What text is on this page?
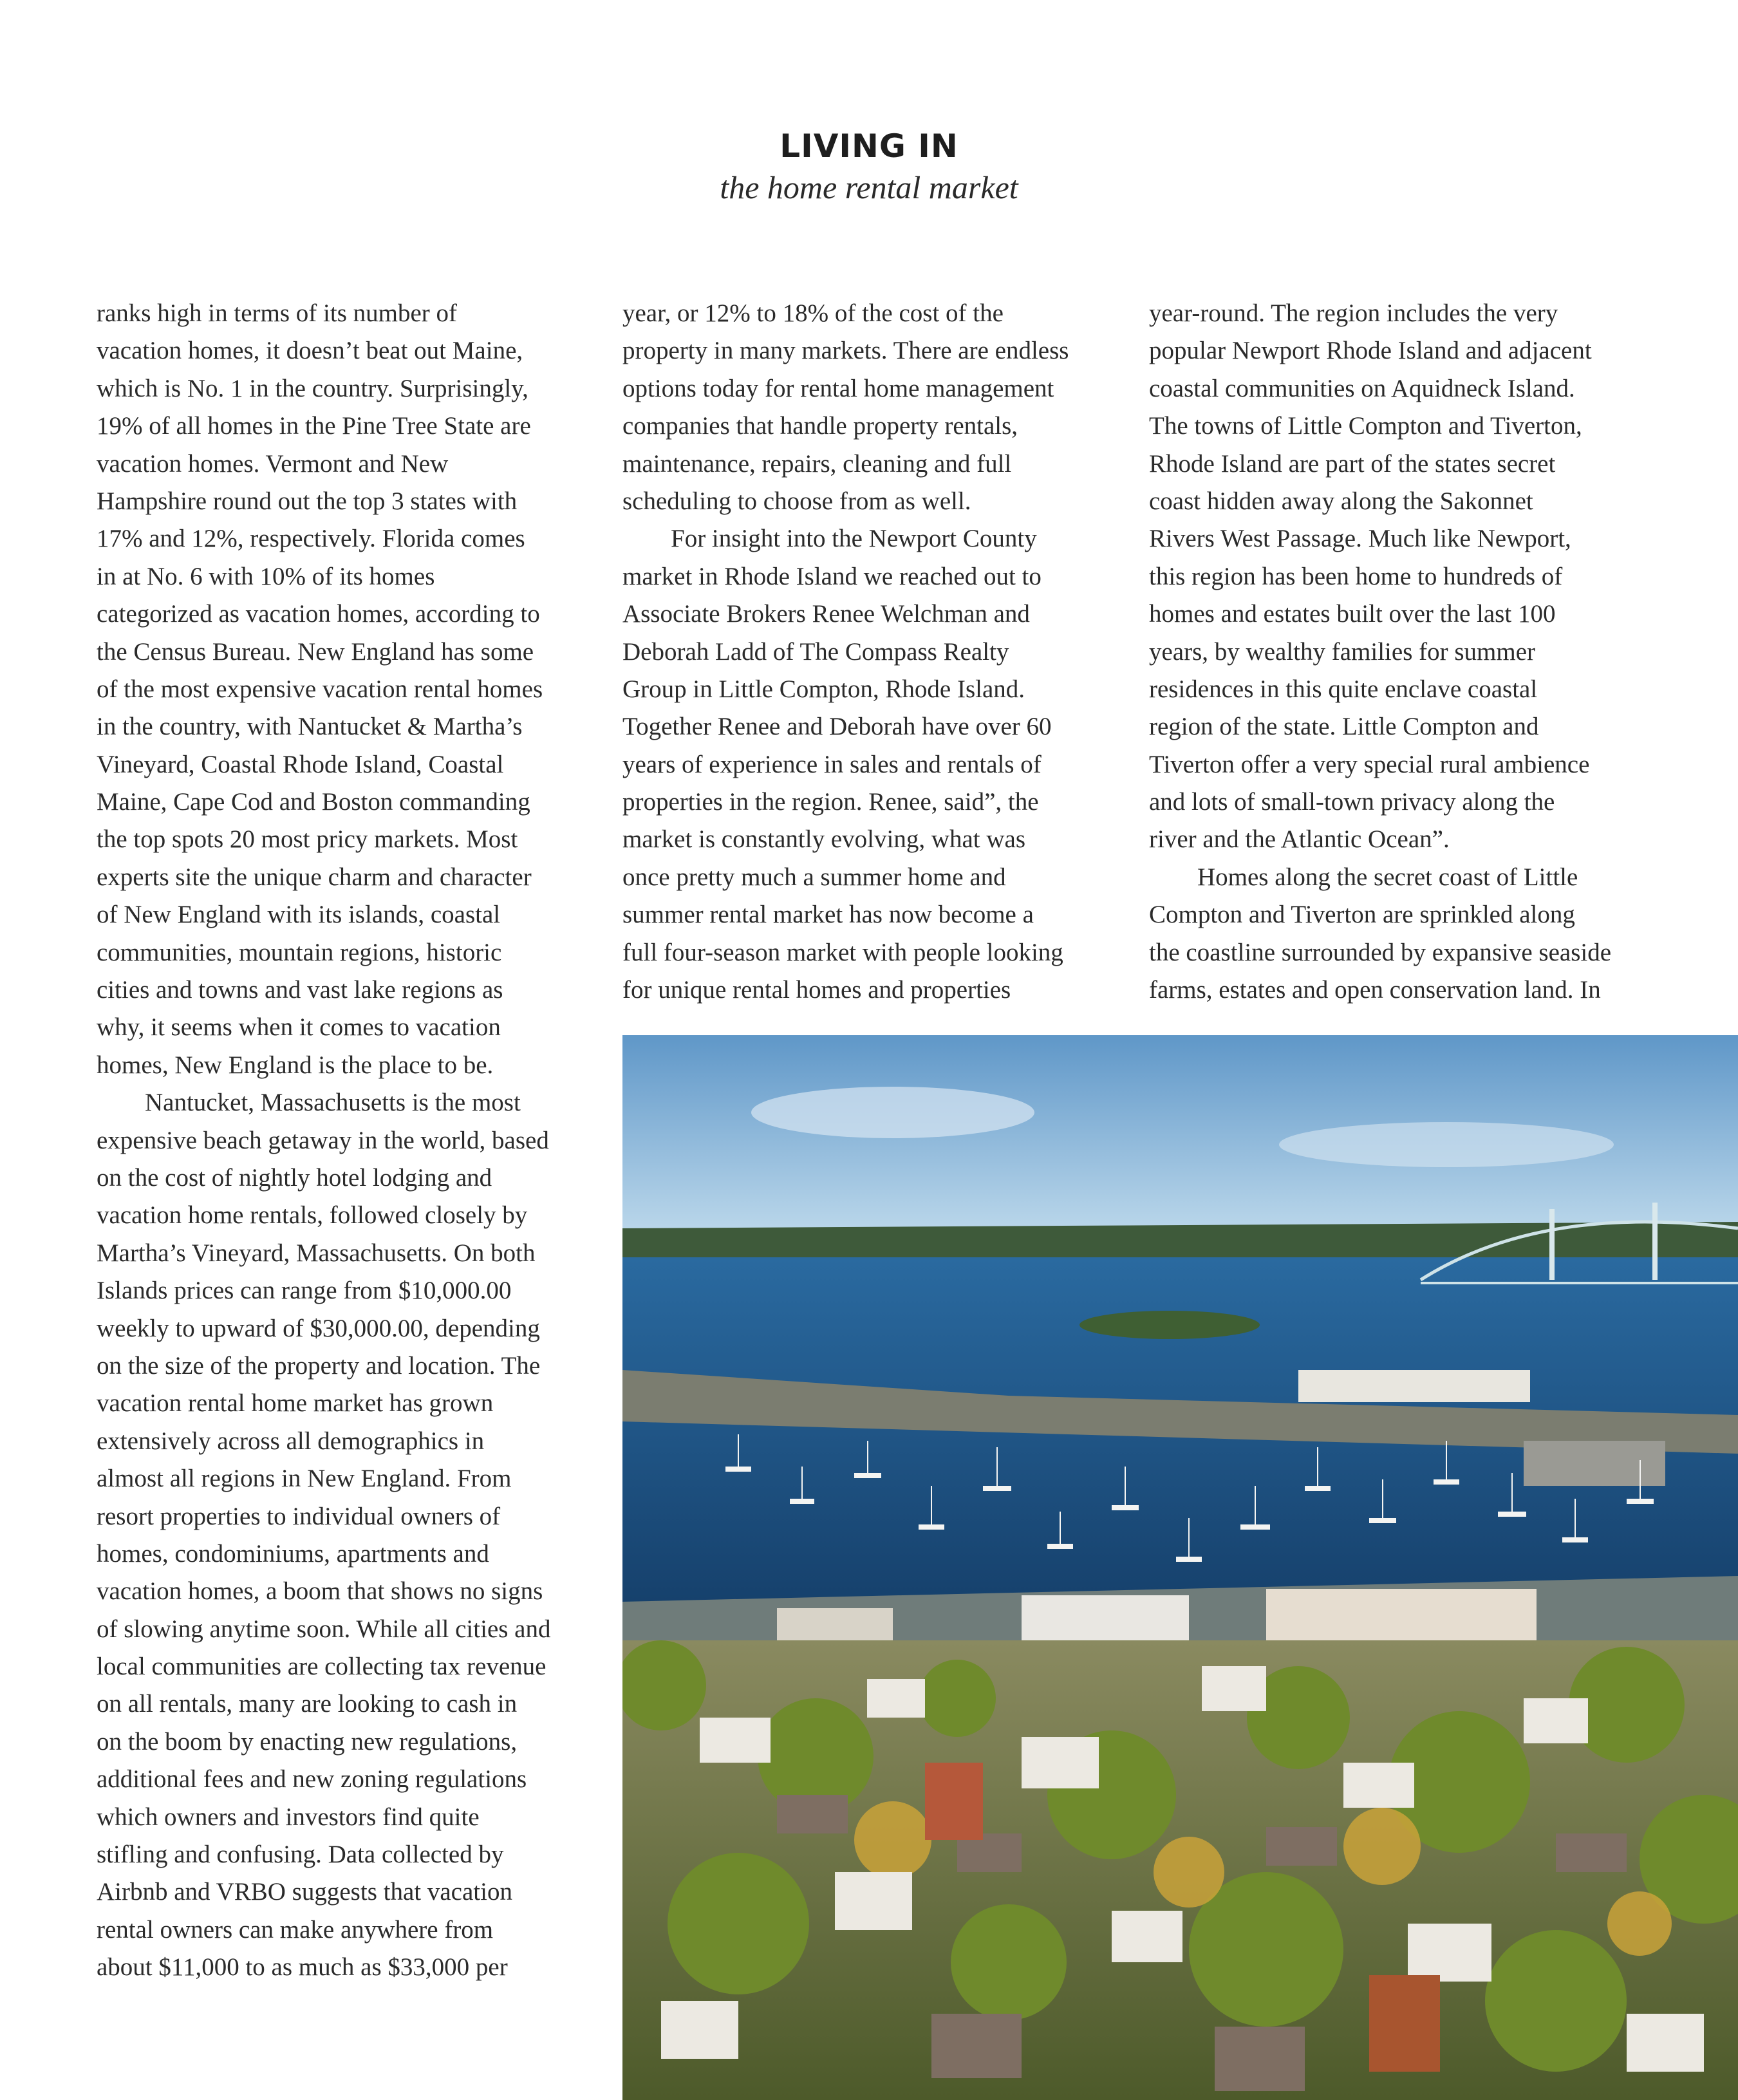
LIVING IN
the home rental market
ranks high in terms of its number of
vacation homes, it doesn’t beat out Maine,
which is No. 1 in the country. Surprisingly,
19% of all homes in the Pine Tree State are
vacation homes. Vermont and New
Hampshire round out the top 3 states with
17% and 12%, respectively. Florida comes
in at No. 6 with 10% of its homes
categorized as vacation homes, according to
the Census Bureau. New England has some
of the most expensive vacation rental homes
in the country, with Nantucket & Martha’s
Vineyard, Coastal Rhode Island, Coastal
Maine, Cape Cod and Boston commanding
the top spots 20 most pricy markets. Most
experts site the unique charm and character
of New England with its islands, coastal
communities, mountain regions, historic
cities and towns and vast lake regions as
why, it seems when it comes to vacation
homes, New England is the place to be.
Nantucket, Massachusetts is the most
expensive beach getaway in the world, based
on the cost of nightly hotel lodging and
vacation home rentals, followed closely by
Martha’s Vineyard, Massachusetts. On both
Islands prices can range from $10,000.00
weekly to upward of $30,000.00, depending
on the size of the property and location. The
vacation rental home market has grown
extensively across all demographics in
almost all regions in New England. From
resort properties to individual owners of
homes, condominiums, apartments and
vacation homes, a boom that shows no signs
of slowing anytime soon. While all cities and
local communities are collecting tax revenue
on all rentals, many are looking to cash in
on the boom by enacting new regulations,
additional fees and new zoning regulations
which owners and investors find quite
stifling and confusing. Data collected by
Airbnb and VRBO suggests that vacation
rental owners can make anywhere from
about $11,000 to as much as $33,000 per
year, or 12% to 18% of the cost of the
property in many markets. There are endless
options today for rental home management
companies that handle property rentals,
maintenance, repairs, cleaning and full
scheduling to choose from as well.
For insight into the Newport County
market in Rhode Island we reached out to
Associate Brokers Renee Welchman and
Deborah Ladd of The Compass Realty
Group in Little Compton, Rhode Island.
Together Renee and Deborah have over 60
years of experience in sales and rentals of
properties in the region. Renee, said”, the
market is constantly evolving, what was
once pretty much a summer home and
summer rental market has now become a
full four-season market with people looking
for unique rental homes and properties
year-round. The region includes the very
popular Newport Rhode Island and adjacent
coastal communities on Aquidneck Island.
The towns of Little Compton and Tiverton,
Rhode Island are part of the states secret
coast hidden away along the Sakonnet
Rivers West Passage. Much like Newport,
this region has been home to hundreds of
homes and estates built over the last 100
years, by wealthy families for summer
residences in this quite enclave coastal
region of the state. Little Compton and
Tiverton offer a very special rural ambience
and lots of small-town privacy along the
river and the Atlantic Ocean”.
Homes along the secret coast of Little
Compton and Tiverton are sprinkled along
the coastline surrounded by expansive seaside
farms, estates and open conservation land. In
